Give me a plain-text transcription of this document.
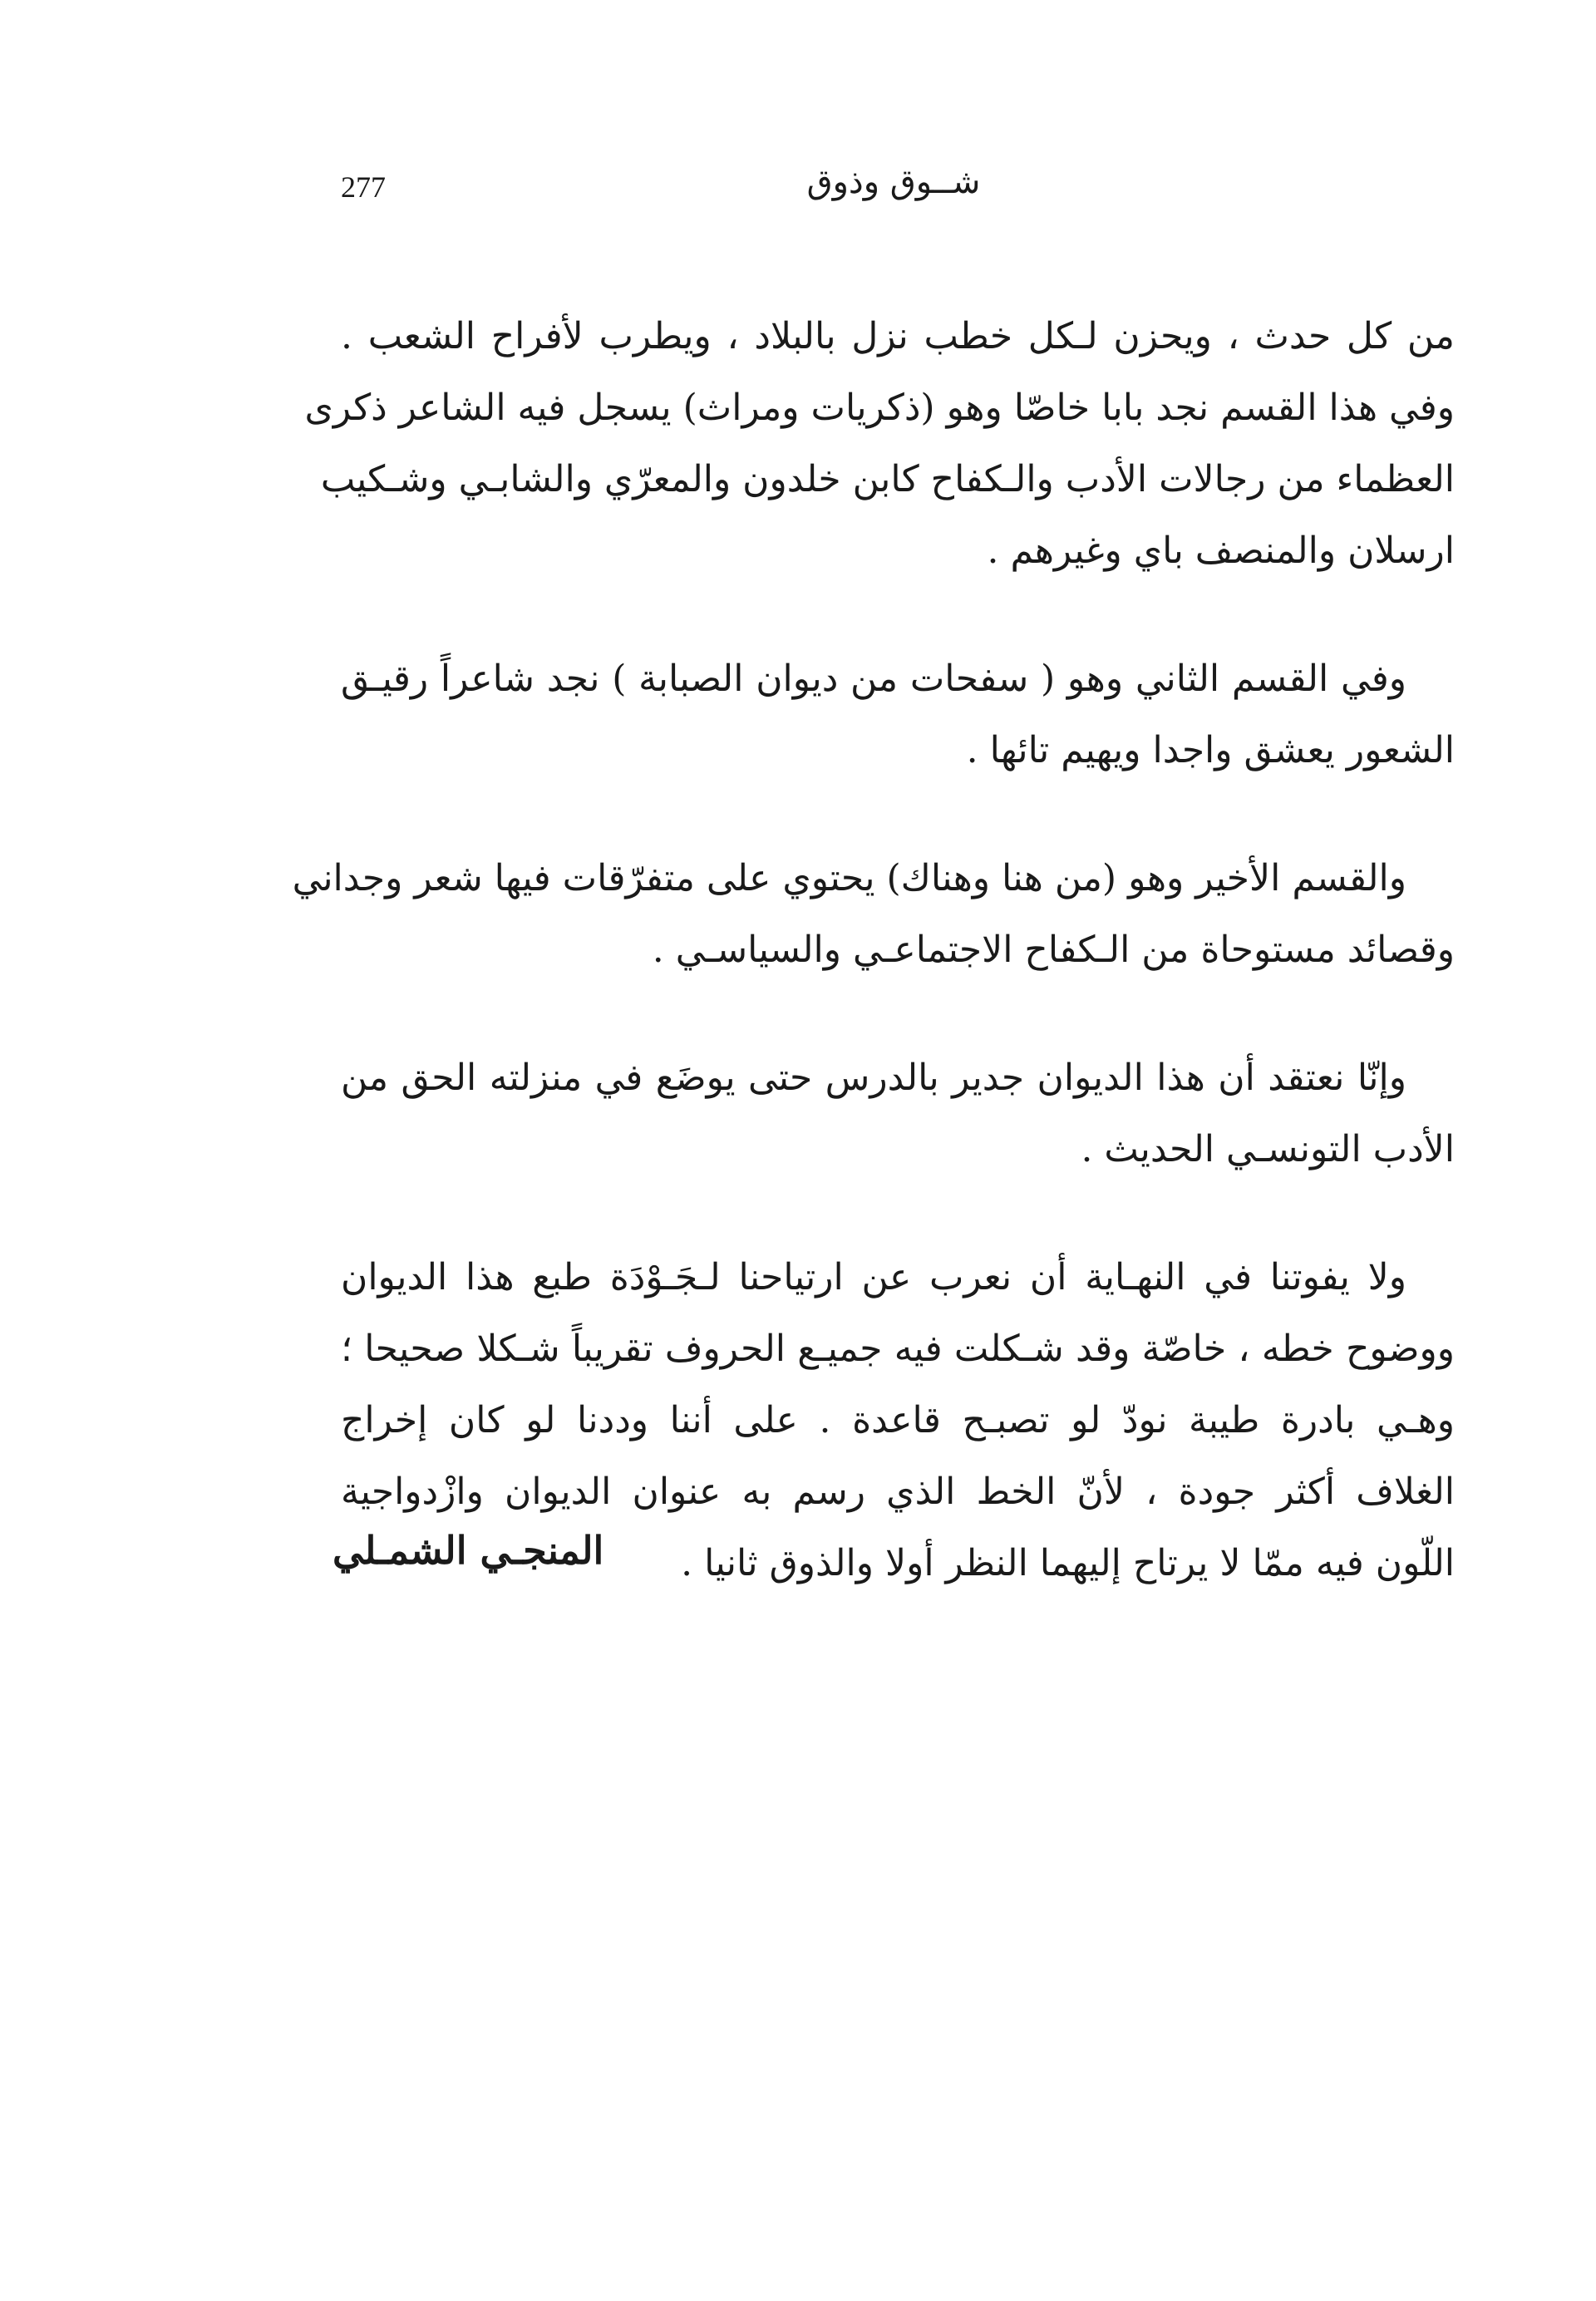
277	شــوق وذوق
من كل حدث ، ويحزن لـكل خطب نزل بالبلاد ، ويطرب لأفراح الشعب .
وفي هذا القسم نجد بابا خاصّا وهو (ذكريات ومراث) يسجل فيه الشاعر ذكرى
العظماء من رجالات الأدب والـكفاح كابن خلدون والمعرّي والشابـي وشـكيب
ارسلان والمنصف باي وغيرهم .
وفي القسم الثاني وهو ( سفحات من ديوان الصبابة ) نجد شاعراً رقيـق
الشعور يعشق واجدا ويهيم تائها .
والقسم الأخير وهو (من هنا وهناك) يحتوي على متفرّقات فيها شعر وجداني
وقصائد مستوحاة من الـكفاح الاجتماعـي والسياسـي .
وإنّا نعتقد أن هذا الديوان جدير بالدرس حتى يوضَع في منزلته الحق من
الأدب التونسـي الحديث .
ولا يفوتنا في النهـاية أن نعرب عن ارتياحنا لـجَـوْدَة طبع هذا الديوان
ووضوح خطه ، خاصّة وقد شـكلت فيه جميـع الحروف تقريباً شـكلا صحيحا ؛
وهـي بادرة طيبة نودّ لو تصبـح قاعدة . على أننا وددنا لو كان إخراج
الغلاف أكثر جودة ، لأنّ الخط الذي رسم به عنوان الديوان وازْدواجية
اللّون فيه ممّا لا يرتاح إليهما النظر أولا والذوق ثانيا .
المنجـي الشمـلي
